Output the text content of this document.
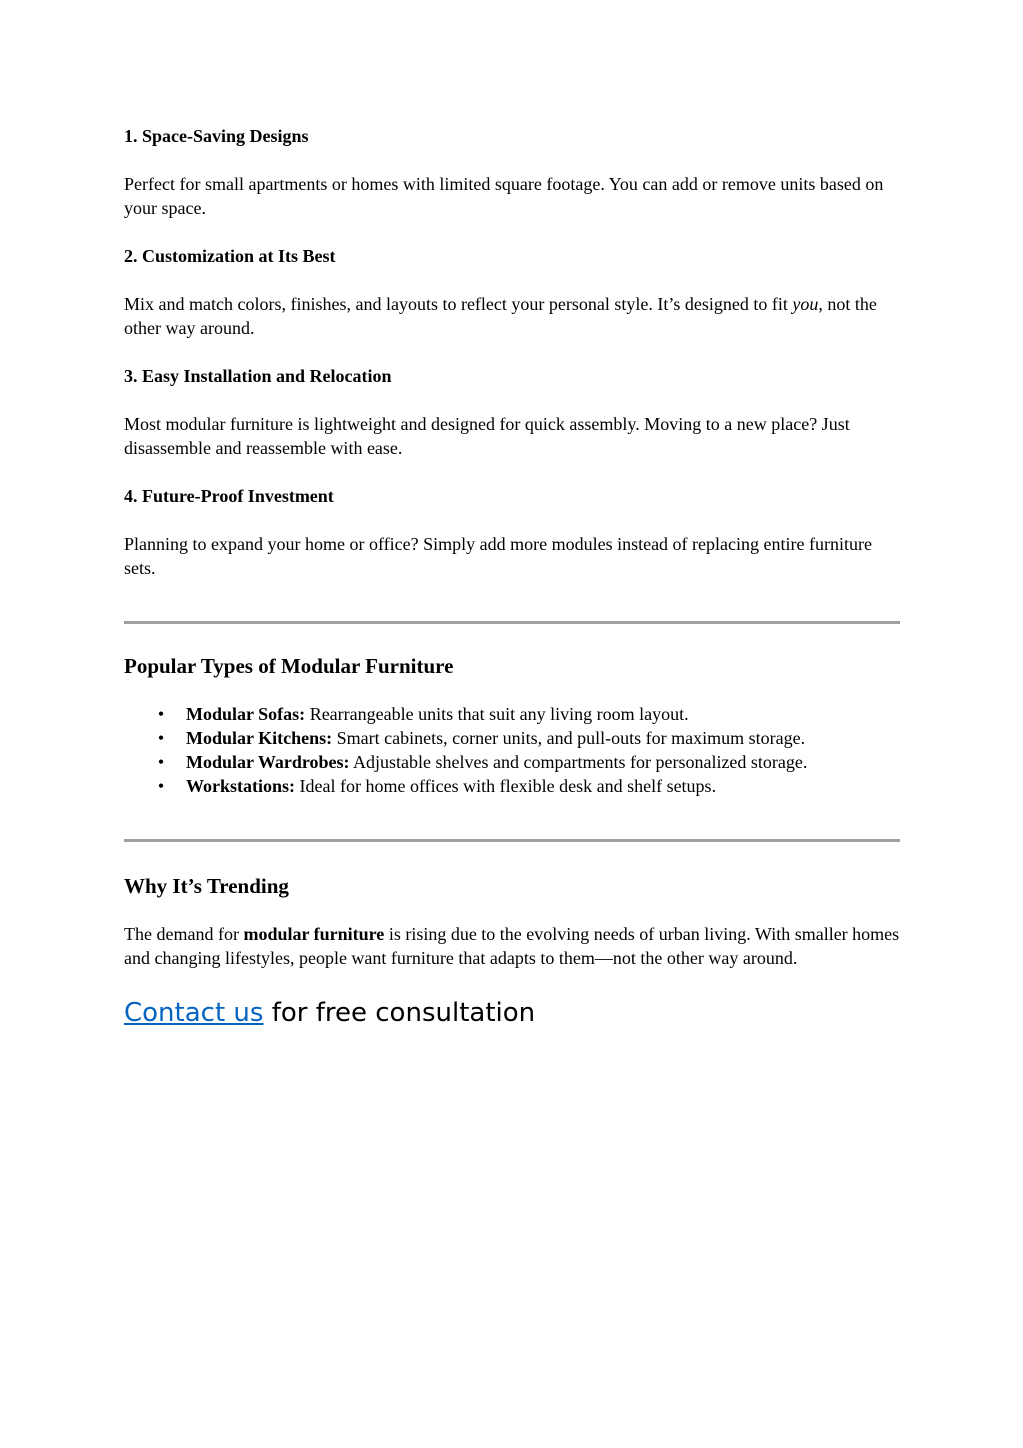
1. Space-Saving Designs

Perfect for small apartments or homes with limited square footage. You can add or remove units based on your space.

2. Customization at Its Best

Mix and match colors, finishes, and layouts to reflect your personal style. It’s designed to fit you, not the other way around.

3. Easy Installation and Relocation

Most modular furniture is lightweight and designed for quick assembly. Moving to a new place? Just disassemble and reassemble with ease.

4. Future-Proof Investment

Planning to expand your home or office? Simply add more modules instead of replacing entire furniture sets.

Popular Types of Modular Furniture
• Modular Sofas: Rearrangeable units that suit any living room layout.
• Modular Kitchens: Smart cabinets, corner units, and pull-outs for maximum storage.
• Modular Wardrobes: Adjustable shelves and compartments for personalized storage.
• Workstations: Ideal for home offices with flexible desk and shelf setups.
Why It’s Trending

The demand for modular furniture is rising due to the evolving needs of urban living. With smaller homes and changing lifestyles, people want furniture that adapts to them—not the other way around.

Contact us for free consultation
